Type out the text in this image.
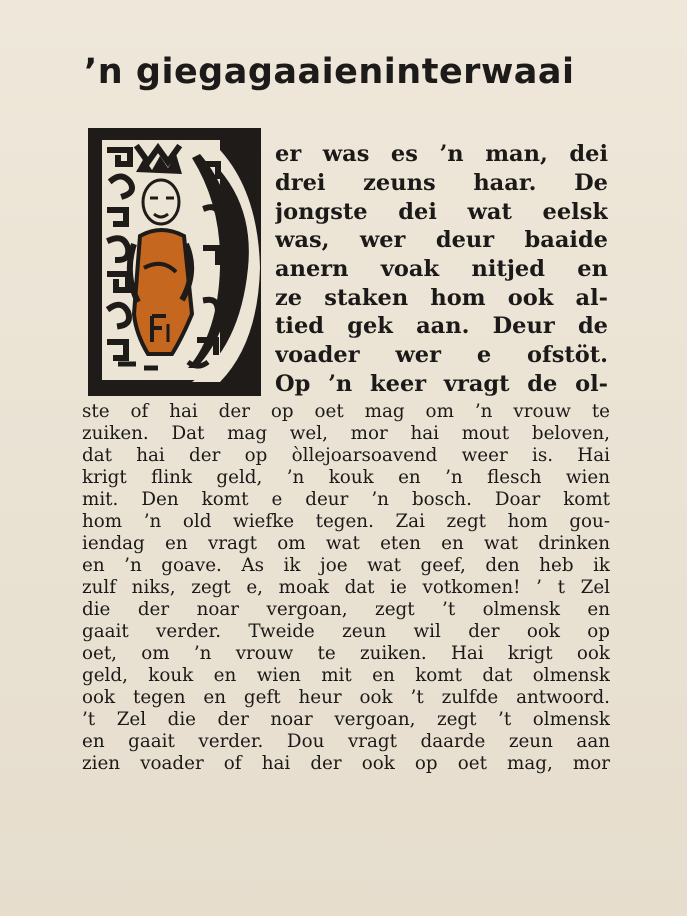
’n giegagaaieninterwaai
er was es ’n man, dei
drei zeuns haar. De
jongste dei wat eelsk
was, wer deur baaide
anern voak nitjed en
ze staken hom ook al-
tied gek aan. Deur de
voader wer e ofstöt.
Op ’n keer vragt de ol-
ste of hai der op oet mag om ’n vrouw te
zuiken. Dat mag wel, mor hai mout beloven,
dat hai der op òllejoarsoavend weer is. Hai
krigt flink geld, ’n kouk en ’n flesch wien
mit. Den komt e deur ’n bosch. Doar komt
hom ’n old wiefke tegen. Zai zegt hom gou-
iendag en vragt om wat eten en wat drinken
en ’n goave. As ik joe wat geef, den heb ik
zulf niks, zegt e, moak dat ie votkomen! ’ t Zel
die der noar vergoan, zegt ’t olmensk en
gaait verder. Tweide zeun wil der ook op
oet, om ’n vrouw te zuiken. Hai krigt ook
geld, kouk en wien mit en komt dat olmensk
ook tegen en geft heur ook ’t zulfde antwoord.
’t Zel die der noar vergoan, zegt ’t olmensk
en gaait verder. Dou vragt daarde zeun aan
zien voader of hai der ook op oet mag, mor
